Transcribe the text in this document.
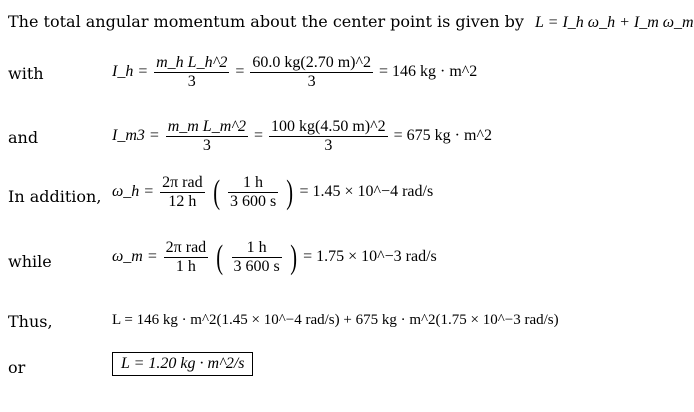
The total angular momentum about the center point is given by L = I_h ω_h + I_m ω_m
with	I_h = $\frac{\text{m\_h L\_h\textasciicircum{}2}}{3} = \frac{60.0 kg(2.70 m)\^{}2}{3} = 146$ kg · m^2
and	I_m3 = $\frac{\text{m\_m L\_m\textasciicircum{}2}}{3} = \frac{100 kg(4.50 m)\^{}2}{3} = 675$ kg · m^2
In addition, ω_h = $\frac{\text{2π rad}}{12 h}$ ( $\frac{1 h}{3 600 s}$ ) = 1.45 × 10^−4 rad/s
while	ω_m = $\frac{\text{2π rad}}{1 h}$ ( $\frac{1 h}{3 600 s}$ ) = 1.75 × 10^−3 rad/s
Thus,	L = 146 kg · m^2(1.45 × 10^−4 rad/s) + 675 kg · m^2(1.75 × 10^−3 rad/s)
or	L = 1.20 kg · m^2/s
